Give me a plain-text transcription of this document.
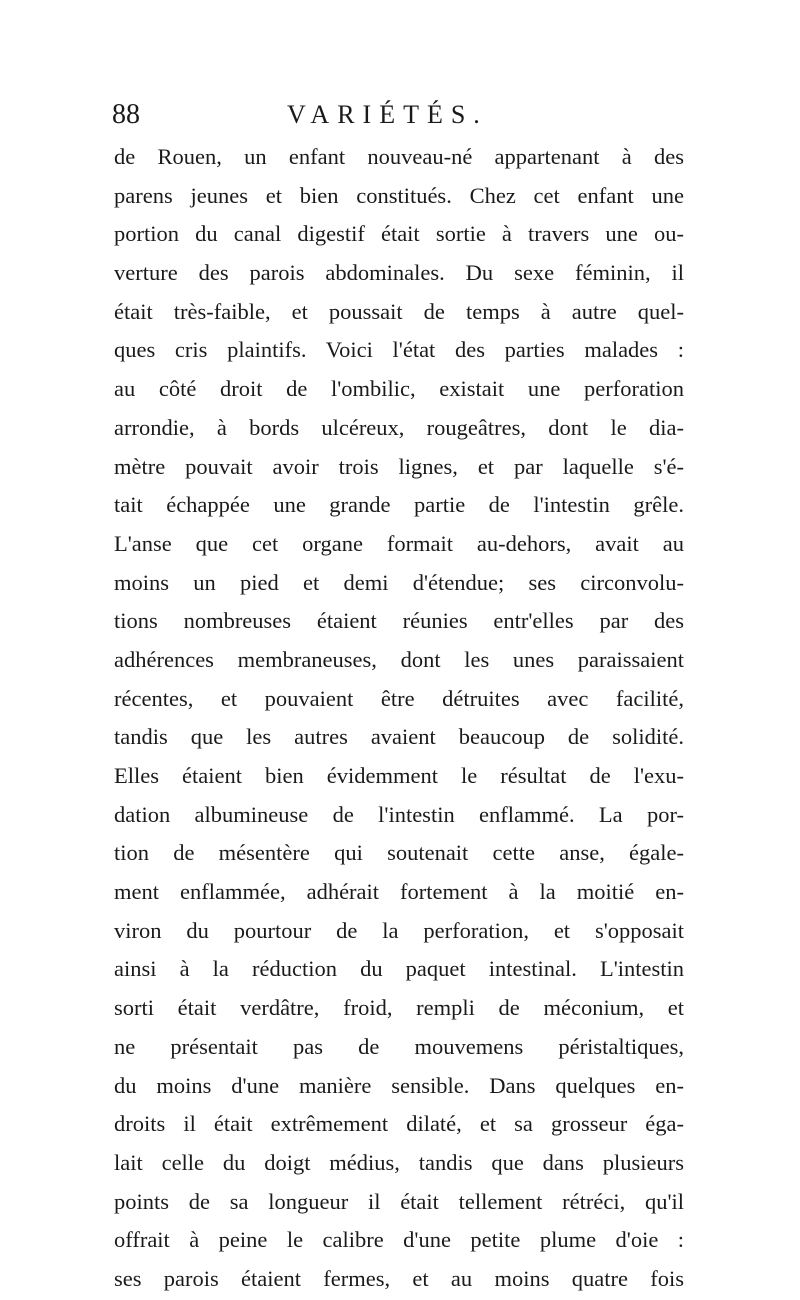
88	VARIÉTÉS.
de Rouen, un enfant nouveau-né appartenant à des
parens jeunes et bien constitués. Chez cet enfant une
portion du canal digestif était sortie à travers une ou-
verture des parois abdominales. Du sexe féminin, il
était très-faible, et poussait de temps à autre quel-
ques cris plaintifs. Voici l'état des parties malades :
au côté droit de l'ombilic, existait une perforation
arrondie, à bords ulcéreux, rougeâtres, dont le dia-
mètre pouvait avoir trois lignes, et par laquelle s'é-
tait échappée une grande partie de l'intestin grêle.
L'anse que cet organe formait au-dehors, avait au
moins un pied et demi d'étendue; ses circonvolu-
tions nombreuses étaient réunies entr'elles par des
adhérences membraneuses, dont les unes paraissaient
récentes, et pouvaient être détruites avec facilité,
tandis que les autres avaient beaucoup de solidité.
Elles étaient bien évidemment le résultat de l'exu-
dation albumineuse de l'intestin enflammé. La por-
tion de mésentère qui soutenait cette anse, égale-
ment enflammée, adhérait fortement à la moitié en-
viron du pourtour de la perforation, et s'opposait
ainsi à la réduction du paquet intestinal. L'intestin
sorti était verdâtre, froid, rempli de méconium, et
ne présentait pas de mouvemens péristaltiques,
du moins d'une manière sensible. Dans quelques en-
droits il était extrêmement dilaté, et sa grosseur éga-
lait celle du doigt médius, tandis que dans plusieurs
points de sa longueur il était tellement rétréci, qu'il
offrait à peine le calibre d'une petite plume d'oie :
ses parois étaient fermes, et au moins quatre fois
